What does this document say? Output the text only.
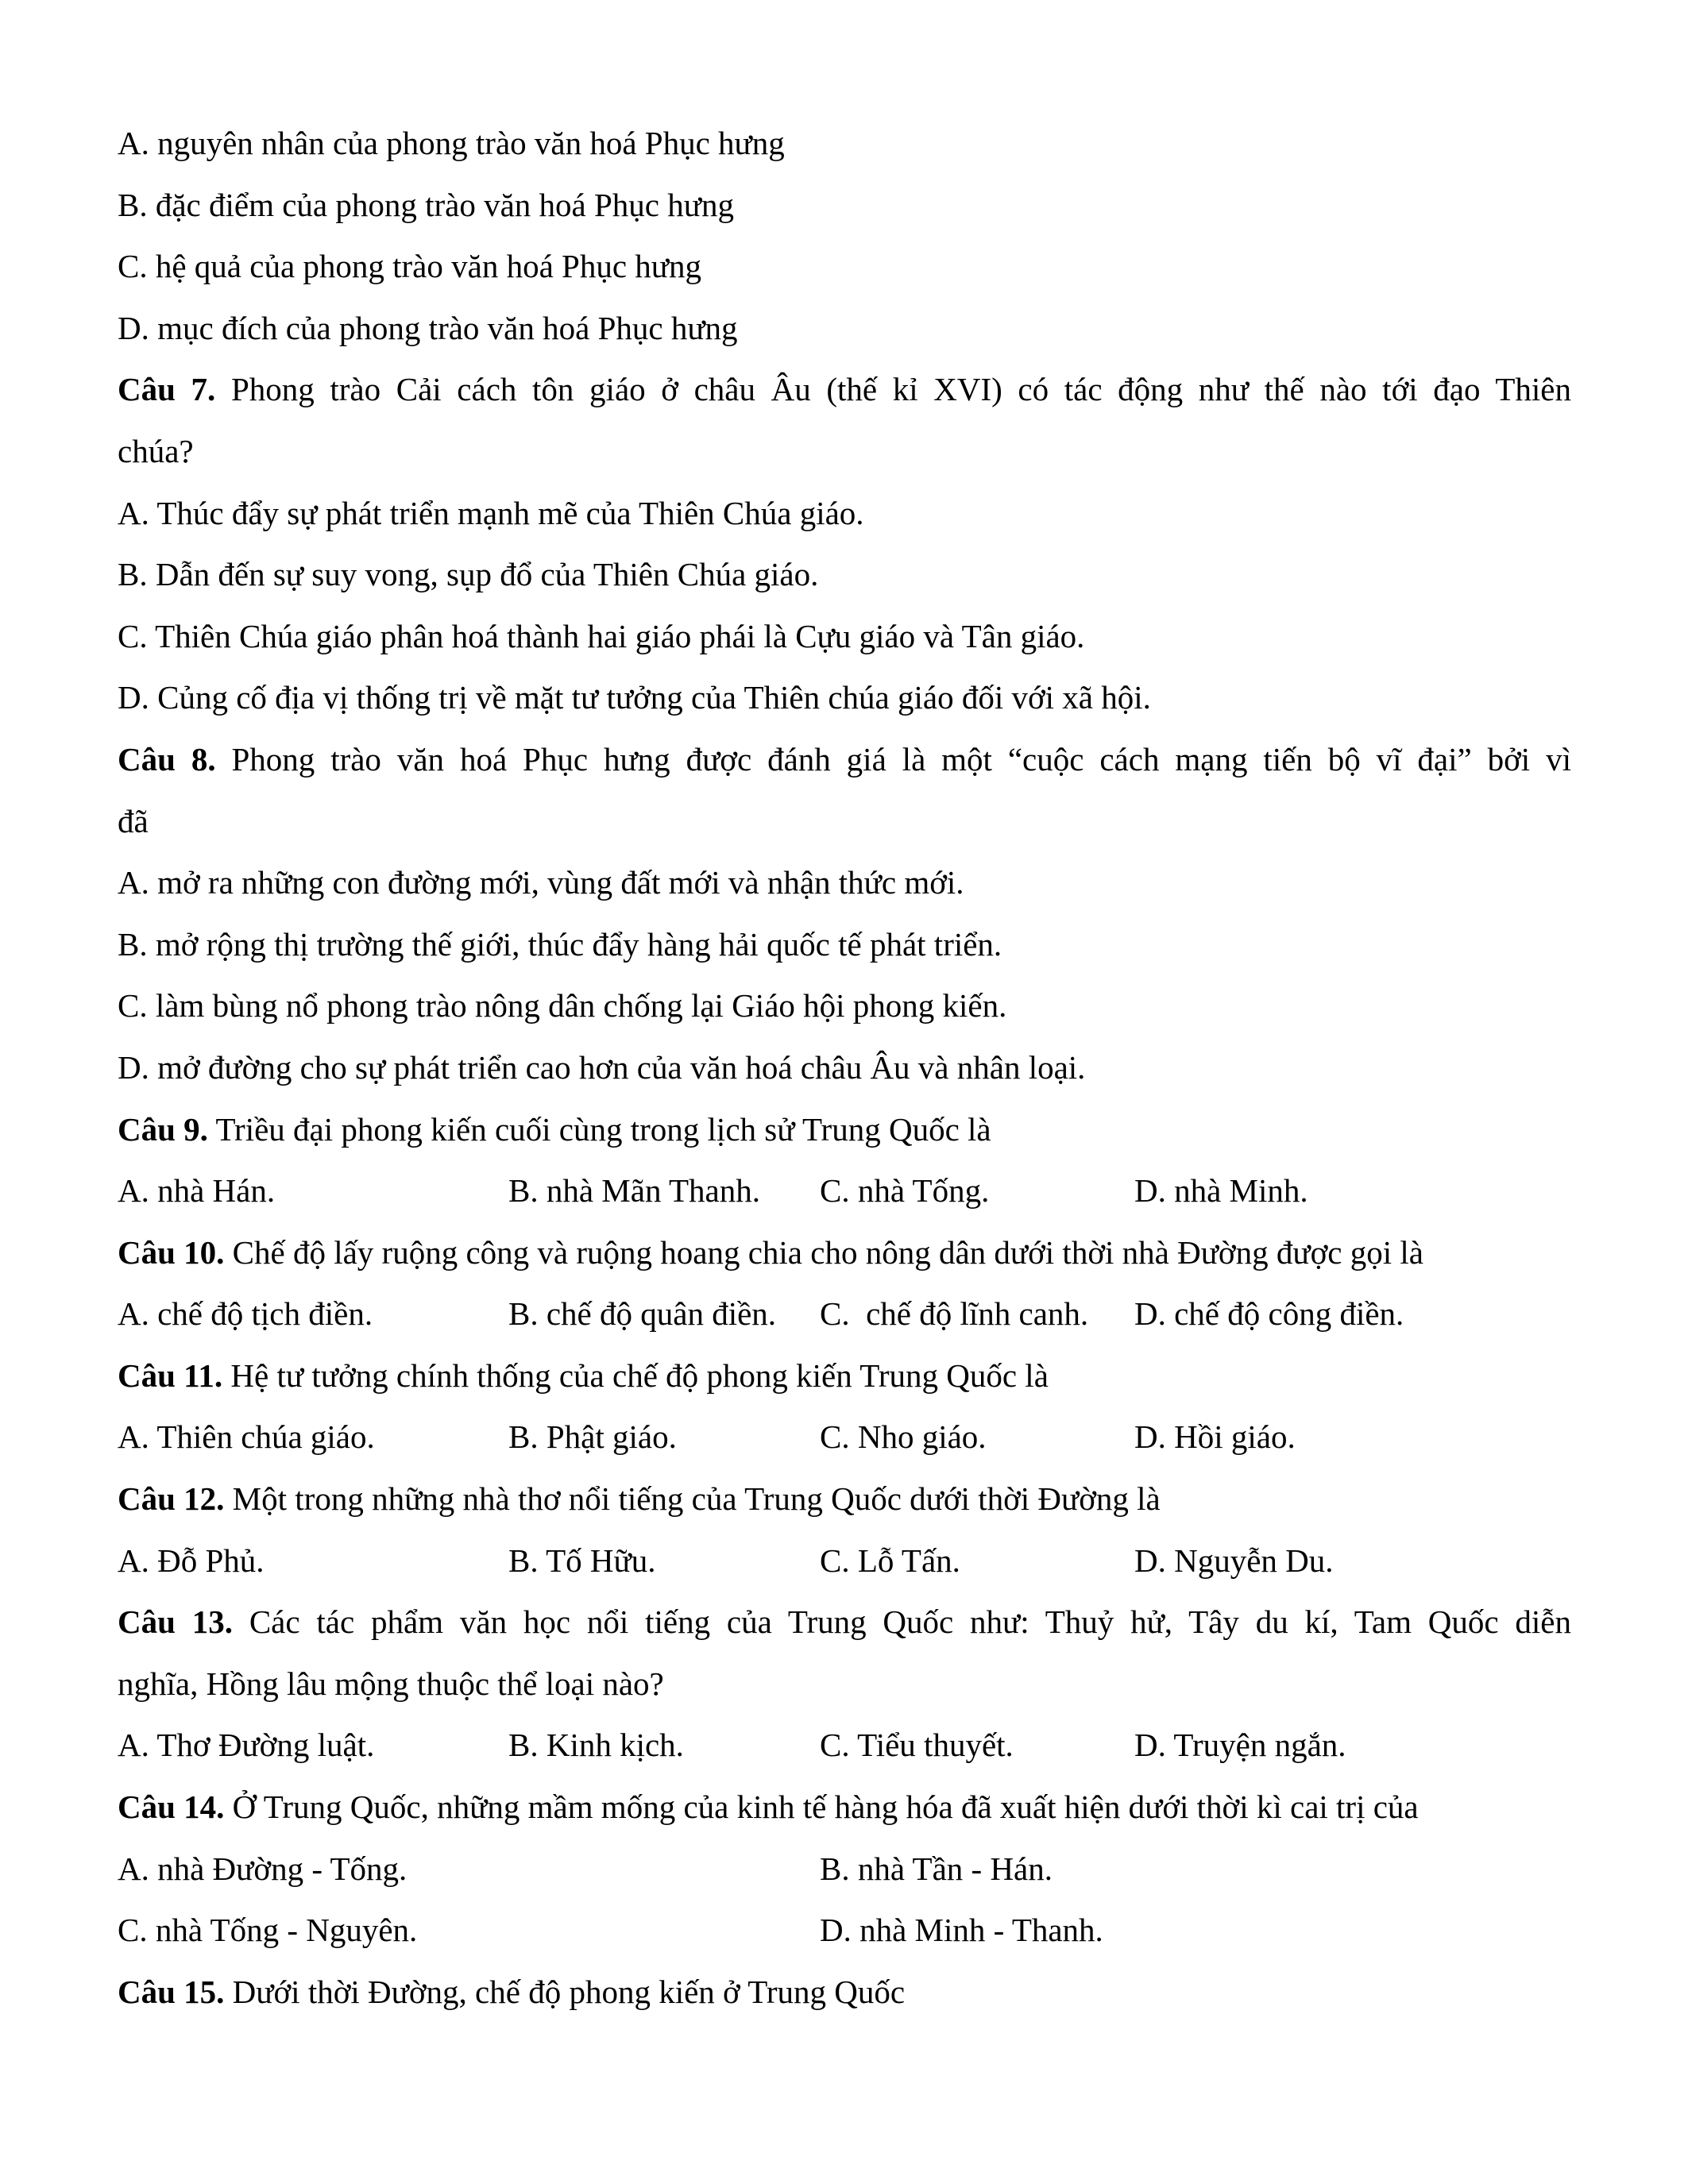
A. nguyên nhân của phong trào văn hoá Phục hưng
B. đặc điểm của phong trào văn hoá Phục hưng
C. hệ quả của phong trào văn hoá Phục hưng
D. mục đích của phong trào văn hoá Phục hưng
Câu 7. Phong trào Cải cách tôn giáo ở châu Âu (thế kỉ XVI) có tác động như thế nào tới đạo Thiên
chúa?
A. Thúc đẩy sự phát triển mạnh mẽ của Thiên Chúa giáo.
B. Dẫn đến sự suy vong, sụp đổ của Thiên Chúa giáo.
C. Thiên Chúa giáo phân hoá thành hai giáo phái là Cựu giáo và Tân giáo.
D. Củng cố địa vị thống trị về mặt tư tưởng của Thiên chúa giáo đối với xã hội.
Câu 8. Phong trào văn hoá Phục hưng được đánh giá là một “cuộc cách mạng tiến bộ vĩ đại” bởi vì
đã
A. mở ra những con đường mới, vùng đất mới và nhận thức mới.
B. mở rộng thị trường thế giới, thúc đẩy hàng hải quốc tế phát triển.
C. làm bùng nổ phong trào nông dân chống lại Giáo hội phong kiến.
D. mở đường cho sự phát triển cao hơn của văn hoá châu Âu và nhân loại.
Câu 9. Triều đại phong kiến cuối cùng trong lịch sử Trung Quốc là
A. nhà Hán.	B. nhà Mãn Thanh. C. nhà Tống.	D. nhà Minh.
Câu 10. Chế độ lấy ruộng công và ruộng hoang chia cho nông dân dưới thời nhà Đường được gọi là
A. chế độ tịch điền.	B. chế độ quân điền. C.  chế độ lĩnh canh. D. chế độ công điền.
Câu 11. Hệ tư tưởng chính thống của chế độ phong kiến Trung Quốc là
A. Thiên chúa giáo.	B. Phật giáo.	C. Nho giáo.	D. Hồi giáo.
Câu 12. Một trong những nhà thơ nổi tiếng của Trung Quốc dưới thời Đường là
A. Đỗ Phủ.	B. Tố Hữu.	C. Lỗ Tấn.	D. Nguyễn Du.
Câu 13. Các tác phẩm văn học nổi tiếng của Trung Quốc như: Thuỷ hử, Tây du kí, Tam Quốc diễn
nghĩa, Hồng lâu mộng thuộc thể loại nào?
A. Thơ Đường luật.	B. Kinh kịch.	C. Tiểu thuyết.	D. Truyện ngắn.
Câu 14. Ở Trung Quốc, những mầm mống của kinh tế hàng hóa đã xuất hiện dưới thời kì cai trị của
A. nhà Đường - Tống.	B. nhà Tần - Hán.
C. nhà Tống - Nguyên.	D. nhà Minh - Thanh.
Câu 15. Dưới thời Đường, chế độ phong kiến ở Trung Quốc
